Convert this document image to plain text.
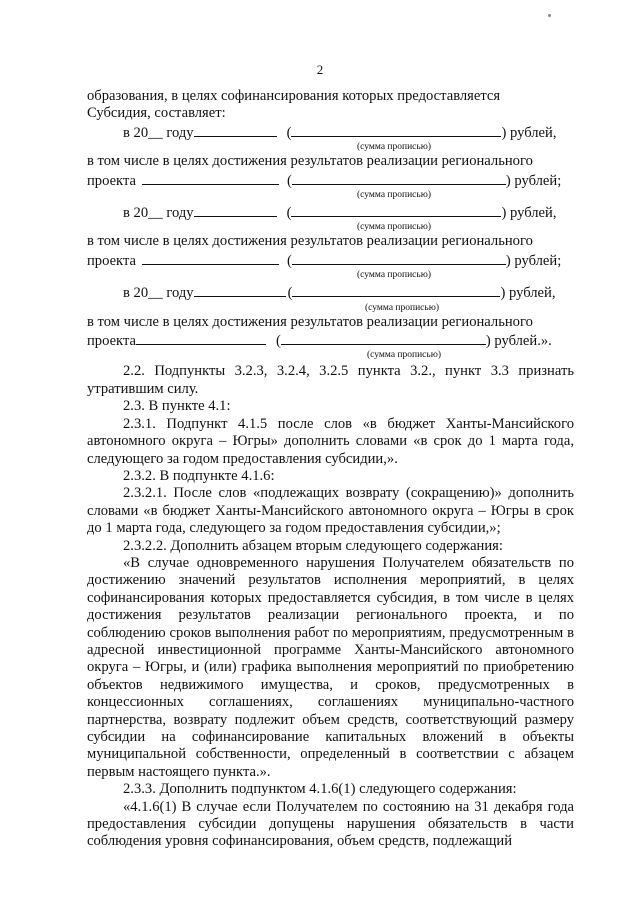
2

образования, в целях софинансирования которых предоставляется

Субсидия, составляет:

в 20__ году	(	) рублей,
(сумма прописью)

в том числе в целях достижения результатов реализации регионального

проекта	(	) рублей;
(сумма прописью)
в 20__ году	(	) рублей,
(сумма прописью)

в том числе в целях достижения результатов реализации регионального

проекта	(	) рублей;
(сумма прописью)
в 20__ году	(	) рублей,
(сумма прописью)

в том числе в целях достижения результатов реализации регионального

проекта	(	) рублей.».
(сумма прописью)

2.2. Подпункты 3.2.3, 3.2.4, 3.2.5 пункта 3.2., пункт 3.3 признать утратившим силу.

2.3. В пункте 4.1:

2.3.1. Подпункт 4.1.5 после слов «в бюджет Ханты-Мансийского автономного округа – Югры» дополнить словами «в срок до 1 марта года, следующего за годом предоставления субсидии,».

2.3.2. В подпункте 4.1.6:

2.3.2.1. После слов «подлежащих возврату (сокращению)» дополнить словами «в бюджет Ханты-Мансийского автономного округа – Югры в срок до 1 марта года, следующего за годом предоставления субсидии,»;

2.3.2.2. Дополнить абзацем вторым следующего содержания:

«В случае одновременного нарушения Получателем обязательств по достижению значений результатов исполнения мероприятий, в целях софинансирования которых предоставляется субсидия, в том числе в целях достижения результатов реализации регионального проекта, и по соблюдению сроков выполнения работ по мероприятиям, предусмотренным в адресной инвестиционной программе Ханты-Мансийского автономного округа – Югры, и (или) графика выполнения мероприятий по приобретению объектов недвижимого имущества, и сроков, предусмотренных в концессионных соглашениях, соглашениях муниципально-частного партнерства, возврату подлежит объем средств, соответствующий размеру субсидии на софинансирование капитальных вложений в объекты муниципальной собственности, определенный в соответствии с абзацем первым настоящего пункта.».

2.3.3. Дополнить подпунктом 4.1.6(1) следующего содержания:

«4.1.6(1) В случае если Получателем по состоянию на 31 декабря года предоставления субсидии допущены нарушения обязательств в части соблюдения уровня софинансирования, объем средств, подлежащий
